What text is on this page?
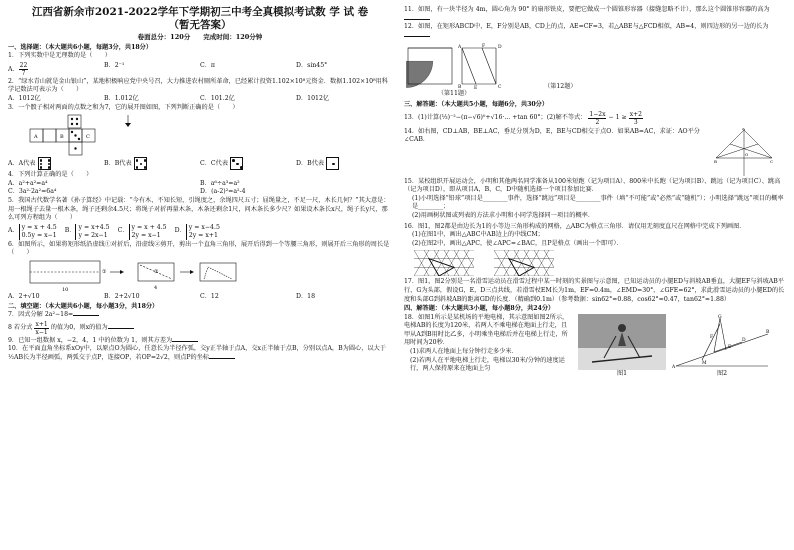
江西省新余市2021-2022学年下学期初三中考全真模拟考试数 学 试 卷
（暂无答案）
卷面总分：120分　　完成时间：120分钟
一、选择题：（本大题共6小题，每题3分，共18分）
1．下列实数中是无理数的是（　　）
A． $\frac{22}{7}$	B．2⁻¹	C．π	D．sin45°
2．“绿水青山就是金山银山”，某地积极响应党中央号召，大力推进农村厕所革命，已经累计投资1.102×10⁸元资金．数据1.102×10⁸用科学记数法可表示为（　　）
A．1012亿	B．1.012亿	C．101.2亿	D．1012亿
3．一个骰子相对两面的点数之和为7，它的展开图如图，下列判断正确的是（　　）
A	B	C
A．A代表	B．B代表	C．C代表	D．B代表
4．下列计算正确的是（　　）
A．a²+a²=a⁴	B．a⁶÷a³=a²
C．3a²·2a²=6a⁴	D．(a-2)²=a²-4
5．我国古代数学名著《孙子算经》中记载：“今有木，不知长短，引绳度之，余绳四尺五寸；屈绳量之，不足一尺，木长几何？”其大意是：用一根绳子去量一根木条，绳子还剩余4.5尺；将绳子对折再量木条，木条还剩余1尺，问木条长多少尺？如果设木条长x尺，绳子长y尺，那么可列方程组为（　　）
A．
y = x + 4.5
0.5y = x−1
B．
y = x+4.5
y = 2x−1
C．
y = x + 4.5
2y = x−1
D．
y = x−4.5
2y = x+1
6．如图所示，如果将矩形纸沿虚线①对折后，沿虚线②剪开，剪出一个直角三角形，展开后得到一个等腰三角形，则展开后三角形的周长是（　　）
10	4
①	②
A．2+√10	B．2+2√10	C．12	D．18
二、填空题：（本大题共6小题，每小题3分，共18分）
7．因式分解 2a²−18=
8 若分式 $\frac{x+1}{x-1}$ 的值为0，则x的值为
9．已知一组数据 x，−2，4，1 中的位数为 1，则其方差为
10．在平面直角坐标系xOy中，以原点O为圆心，任意长为半径作弧，交y正半轴于点A，交x正半轴于点B，分别以点A，B为圆心，以大于½AB长为半径画弧，两弧交于点P，连接OP，若OP=2√2，则点P的坐标
11．如图，有一块半径为 4m，圆心角为 90° 的扇形铁皮，要把它做成一个圆锥形容器（接缝忽略不计），那么这个圆锥形容器的高为
12．如图，在矩形ABCD中，E，F分别是AB，CD上的点，AE=CF=3，若△ABE与△FCD相似，AB=4，则四边形的另一边的长为
A	D
B	C
E
F
（第11题）
（第12题）
三、解答题：（本大题共5小题，每题6分，共30分）
13．(1)计算(⅓)⁻²−(π−√6)⁰+√16·... +tan 60°；(2)解不等式： $\frac{1-2x}{2} - 1 \ge \frac{x+2}{3}$
14．如右图，CD⊥AB，BE⊥AC，垂足分别为D，E，BE与CD相交于点O．如果AB=AC，求证：AO平分∠CAB．
A
B	C
O
15．某校组织开展运动会，小明和其他两名同学准备从100米短跑（记为项目A）、800米中长跑（记为项目B）、跳远（记为项目C）、跳高（记为项目D），即从项目A，B，C，D中随机选择一个项目参加比赛．
(1)小明选择“铅球”项目是________事件，选择“跳远”项目是________事件（填“不可能”或“必然”或“随机”）；小明选择“跳远”项目的概率是________；
(2)用画树状图或列表的方法求小明和小同学选择同一项目的概率．
16．图1，图2都是由边长为1的小等边三角形构成的网格，△ABC为格点三角形．请仅用无刻度直尺在网格中完成下列画图．
(1)在图1中，画出△ABC中AB边上的中线CM；
(2)在图2中，画出△APC，使∠APC=∠BAC，且P是格点（画出一个即可）．
17．图1，图2分别是一名滑雪运动员在滑雪过程中某一时刻的实景图与示意图，已知运动员的小腿ED与斜坡AB垂直，大腿EF与斜坡AB平行，G为头部，假设G，E，D三点共线，若滑雪杖EM长为1m，EF=0.4m，∠EMD=30°，∠GFE=62°，求此滑雪运动员的小腿ED的长度和头部G到斜坡AB的距离GD的长度．（精确到0.1m）（参考数据：sin62°≈0.88，cos62°≈0.47，tan62°≈1.88）
四、解答题：（本大题共3小题，每小题8分，共24分）
18．如图1所示是某机场的平地电梯，其示意图如图2所示，电梯AB的长度为120米，若两人不乘电梯在地面上行走，且甲从A到B用时比乙多，小明乘坐电梯后并在电梯上行走，所用时间为20秒．
(1)求两人在地面上每分钟行走多少米．
(2)若两人在平地电梯上行走，电梯以30米/分钟的速度运行，两人保持原来在地面上匀
图1
G
F
E
M
A
B
D
图2
